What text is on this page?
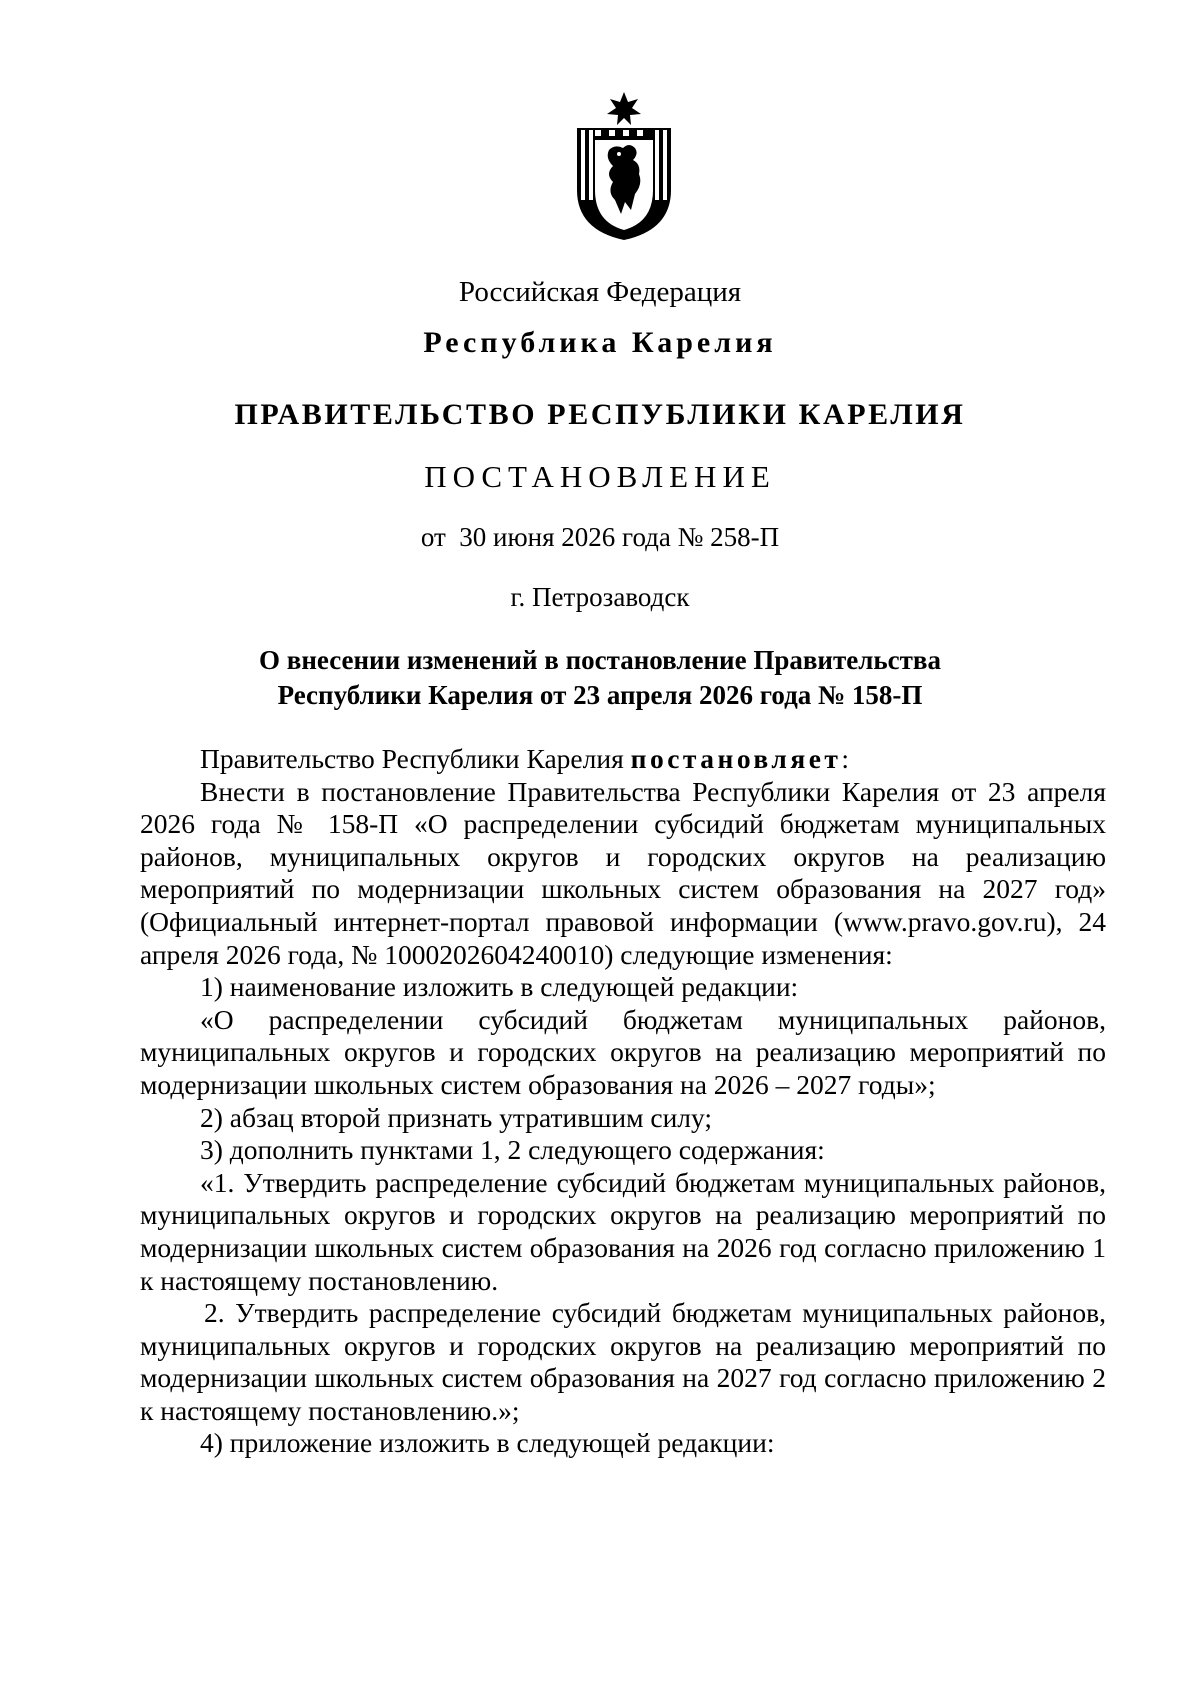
Российская Федерация
Республика Карелия
ПРАВИТЕЛЬСТВО РЕСПУБЛИКИ КАРЕЛИЯ
ПОСТАНОВЛЕНИЕ
от  30 июня 2026 года № 258-П
г. Петрозаводск
О внесении изменений в постановление Правительства
Республики Карелия от 23 апреля 2026 года № 158-П

Правительство Республики Карелия постановляет:

Внести в постановление Правительства Республики Карелия от 23 апреля 2026 года № 158-П «О распределении субсидий бюджетам муниципальных районов, муниципальных округов и городских округов на реализацию мероприятий по модернизации школьных систем образования на 2027 год» (Официальный интернет-портал правовой информации (www.pravo.gov.ru), 24 апреля 2026 года, № 1000202604240010) следующие изменения:

1) наименование изложить в следующей редакции:

«О распределении субсидий бюджетам муниципальных районов, муниципальных округов и городских округов на реализацию мероприятий по модернизации школьных систем образования на 2026 – 2027 годы»;

2) абзац второй признать утратившим силу;

3) дополнить пунктами 1, 2 следующего содержания:

«1. Утвердить распределение субсидий бюджетам муниципальных районов, муниципальных округов и городских округов на реализацию мероприятий по модернизации школьных систем образования на 2026 год согласно приложению 1 к настоящему постановлению.

2. Утвердить распределение субсидий бюджетам муниципальных районов, муниципальных округов и городских округов на реализацию мероприятий по модернизации школьных систем образования на 2027 год согласно приложению 2 к настоящему постановлению.»;

4) приложение изложить в следующей редакции:
